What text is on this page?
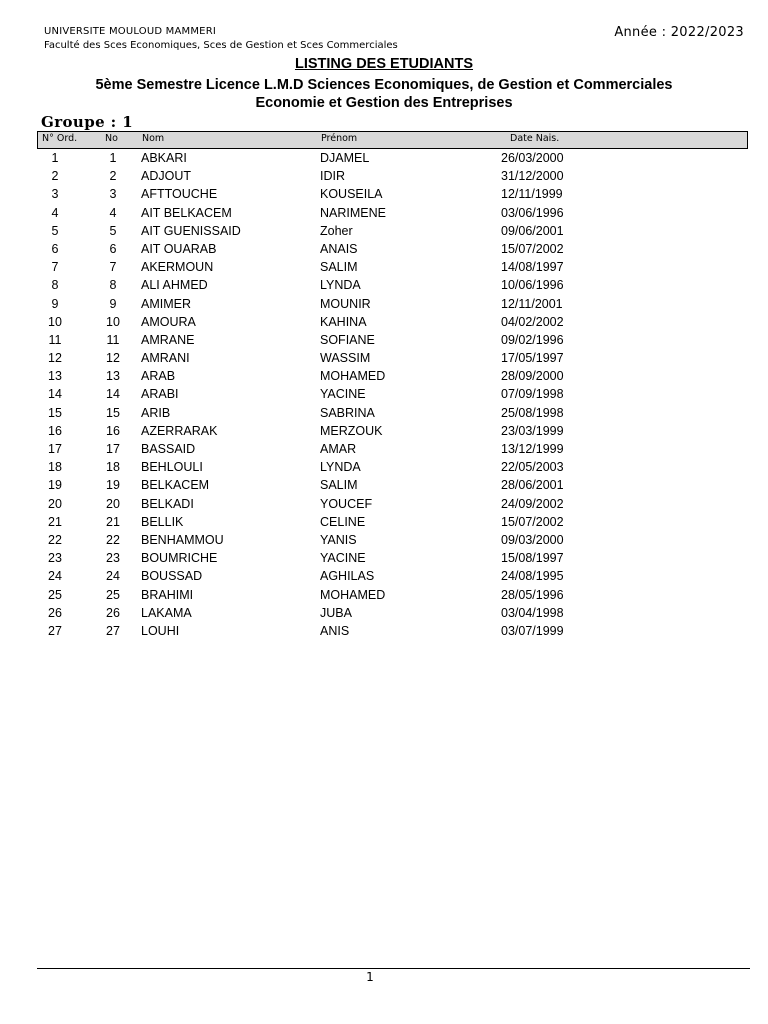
UNIVERSITE MOULOUD MAMMERI
Faculté des Sces Economiques, Sces de Gestion et Sces Commerciales
Année : 2022/2023
LISTING DES ETUDIANTS
5ème Semestre Licence L.M.D Sciences Economiques, de Gestion et Commerciales
Economie et Gestion des Entreprises
Groupe : 1
N° Ord.	No	Nom	Prénom	Date Nais.
1	1	ABKARI	DJAMEL	26/03/2000
2	2	ADJOUT	IDIR	31/12/2000
3	3	AFTTOUCHE	KOUSEILA	12/11/1999
4	4	AIT BELKACEM	NARIMENE	03/06/1996
5	5	AIT GUENISSAID	Zoher	09/06/2001
6	6	AIT OUARAB	ANAIS	15/07/2002
7	7	AKERMOUN	SALIM	14/08/1997
8	8	ALI AHMED	LYNDA	10/06/1996
9	9	AMIMER	MOUNIR	12/11/2001
10	10	AMOURA	KAHINA	04/02/2002
11	11	AMRANE	SOFIANE	09/02/1996
12	12	AMRANI	WASSIM	17/05/1997
13	13	ARAB	MOHAMED	28/09/2000
14	14	ARABI	YACINE	07/09/1998
15	15	ARIB	SABRINA	25/08/1998
16	16	AZERRARAK	MERZOUK	23/03/1999
17	17	BASSAID	AMAR	13/12/1999
18	18	BEHLOULI	LYNDA	22/05/2003
19	19	BELKACEM	SALIM	28/06/2001
20	20	BELKADI	YOUCEF	24/09/2002
21	21	BELLIK	CELINE	15/07/2002
22	22	BENHAMMOU	YANIS	09/03/2000
23	23	BOUMRICHE	YACINE	15/08/1997
24	24	BOUSSAD	AGHILAS	24/08/1995
25	25	BRAHIMI	MOHAMED	28/05/1996
26	26	LAKAMA	JUBA	03/04/1998
27	27	LOUHI	ANIS	03/07/1999
1
